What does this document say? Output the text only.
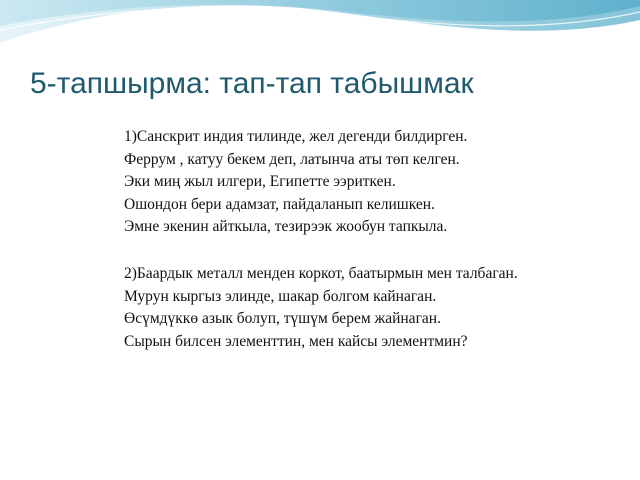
5-тапшырма: тап-тап табышмак
1)Санскрит индия тилинде, жел дегенди билдирген.
Феррум , катуу бекем деп, латынча аты төп келген.
Эки миң жыл илгери, Египетте ээриткен.
Ошондон бери адамзат, пайдаланып келишкен.
Эмне экенин айткыла, тезирээк жообун тапкыла.
2)Баардык металл менден коркот, баатырмын мен талбаган.
Мурун кыргыз элинде, шакар болгом кайнаган.
Өсүмдүккө азык болуп, түшүм берем жайнаган.
Сырын билсен элементтин, мен кайсы элементмин?
